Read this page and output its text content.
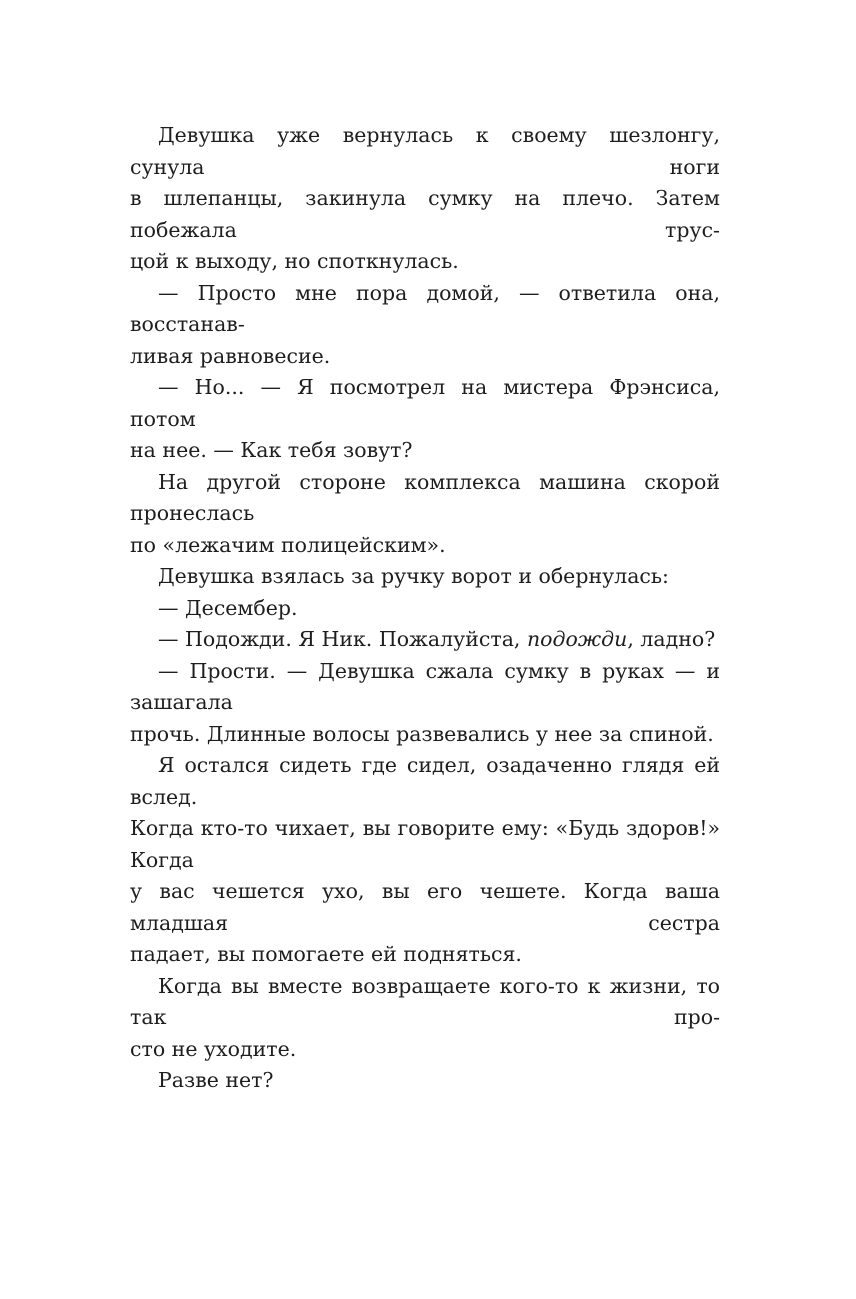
Девушка уже вернулась к своему шезлонгу, сунула ноги
в шлепанцы, закинула сумку на плечо. Затем побежала трус-
цой к выходу, но споткнулась.
— Просто мне пора домой, — ответила она, восстанав-
ливая равновесие.
— Но... — Я посмотрел на мистера Фрэнсиса, потом
на нее. — Как тебя зовут?
На другой стороне комплекса машина скорой пронеслась
по «лежачим полицейским».
Девушка взялась за ручку ворот и обернулась:
— Десембер.
— Подожди. Я Ник. Пожалуйста, подожди, ладно?
— Прости. — Девушка сжала сумку в руках — и зашагала
прочь. Длинные волосы развевались у нее за спиной.
Я остался сидеть где сидел, озадаченно глядя ей вслед.
Когда кто-то чихает, вы говорите ему: «Будь здоров!» Когда
у вас чешется ухо, вы его чешете. Когда ваша младшая сестра
падает, вы помогаете ей подняться.
Когда вы вместе возвращаете кого-то к жизни, то так про-
сто не уходите.
Разве нет?
